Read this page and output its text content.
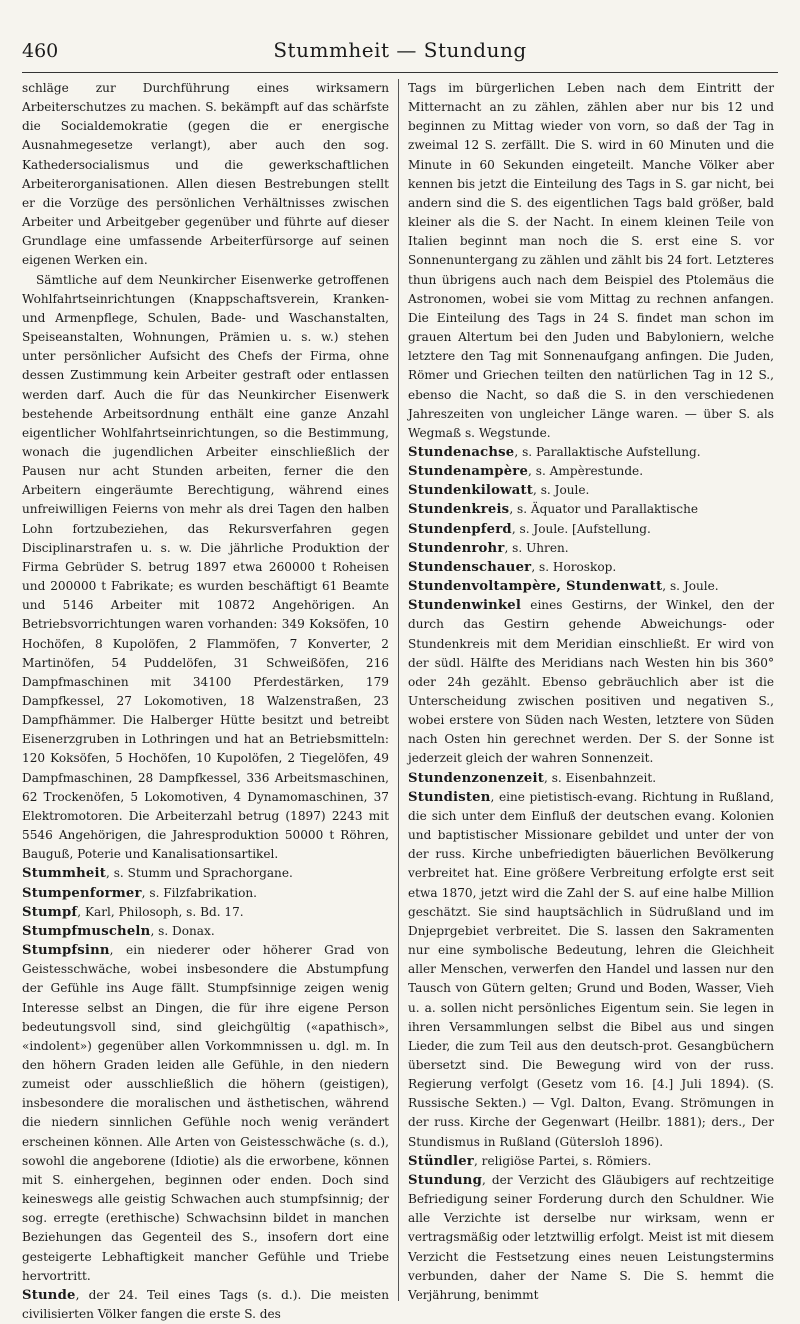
460	Stummheit — Stundung

schläge zur Durchführung eines wirksamern Arbeiterschutzes zu machen. S. bekämpft auf das schärfste die Socialdemokratie (gegen die er energische Ausnahmegesetze verlangt), aber auch den sog. Kathedersocialismus und die gewerkschaftlichen Arbeiterorganisationen. Allen diesen Bestrebungen stellt er die Vorzüge des persönlichen Verhältnisses zwischen Arbeiter und Arbeitgeber gegenüber und führte auf dieser Grundlage eine umfassende Arbeiterfürsorge auf seinen eigenen Werken ein.

Sämtliche auf dem Neunkircher Eisenwerke getroffenen Wohlfahrtseinrichtungen (Knappschaftsverein, Kranken- und Armenpflege, Schulen, Bade- und Waschanstalten, Speiseanstalten, Wohnungen, Prämien u. s. w.) stehen unter persönlicher Aufsicht des Chefs der Firma, ohne dessen Zustimmung kein Arbeiter gestraft oder entlassen werden darf. Auch die für das Neunkircher Eisenwerk bestehende Arbeitsordnung enthält eine ganze Anzahl eigentlicher Wohlfahrtseinrichtungen, so die Bestimmung, wonach die jugendlichen Arbeiter einschließlich der Pausen nur acht Stunden arbeiten, ferner die den Arbeitern eingeräumte Berechtigung, während eines unfreiwilligen Feierns von mehr als drei Tagen den halben Lohn fortzubeziehen, das Rekursverfahren gegen Disciplinarstrafen u. s. w. Die jährliche Produktion der Firma Gebrüder S. betrug 1897 etwa 260000 t Roheisen und 200000 t Fabrikate; es wurden beschäftigt 61 Beamte und 5146 Arbeiter mit 10872 Angehörigen. An Betriebsvorrichtungen waren vorhanden: 349 Koksöfen, 10 Hochöfen, 8 Kupolöfen, 2 Flammöfen, 7 Konverter, 2 Martinöfen, 54 Puddelöfen, 31 Schweißöfen, 216 Dampfmaschinen mit 34100 Pferdestärken, 179 Dampfkessel, 27 Lokomotiven, 18 Walzenstraßen, 23 Dampfhämmer. Die Halberger Hütte besitzt und betreibt Eisenerzgruben in Lothringen und hat an Betriebsmitteln: 120 Koksöfen, 5 Hochöfen, 10 Kupolöfen, 2 Tiegelöfen, 49 Dampfmaschinen, 28 Dampfkessel, 336 Arbeitsmaschinen, 62 Trockenöfen, 5 Lokomotiven, 4 Dynamomaschinen, 37 Elektromotoren. Die Arbeiterzahl betrug (1897) 2243 mit 5546 Angehörigen, die Jahresproduktion 50000 t Röhren, Bauguß, Poterie und Kanalisationsartikel.

Stummheit, s. Stumm und Sprachorgane.

Stumpenformer, s. Filzfabrikation.

Stumpf, Karl, Philosoph, s. Bd. 17.

Stumpfmuscheln, s. Donax.

Stumpfsinn, ein niederer oder höherer Grad von Geistesschwäche, wobei insbesondere die Abstumpfung der Gefühle ins Auge fällt. Stumpfsinnige zeigen wenig Interesse selbst an Dingen, die für ihre eigene Person bedeutungsvoll sind, sind gleichgültig («apathisch», «indolent») gegenüber allen Vorkommnissen u. dgl. m. In den höhern Graden leiden alle Gefühle, in den niedern zumeist oder ausschließlich die höhern (geistigen), insbesondere die moralischen und ästhetischen, während die niedern sinnlichen Gefühle noch wenig verändert erscheinen können. Alle Arten von Geistesschwäche (s. d.), sowohl die angeborene (Idiotie) als die erworbene, können mit S. einhergehen, beginnen oder enden. Doch sind keineswegs alle geistig Schwachen auch stumpfsinnig; der sog. erregte (erethische) Schwachsinn bildet in manchen Beziehungen das Gegenteil des S., insofern dort eine gesteigerte Lebhaftigkeit mancher Gefühle und Triebe hervortritt.

Stunde, der 24. Teil eines Tags (s. d.). Die meisten civilisierten Völker fangen die erste S. des

Tags im bürgerlichen Leben nach dem Eintritt der Mitternacht an zu zählen, zählen aber nur bis 12 und beginnen zu Mittag wieder von vorn, so daß der Tag in zweimal 12 S. zerfällt. Die S. wird in 60 Minuten und die Minute in 60 Sekunden eingeteilt. Manche Völker aber kennen bis jetzt die Einteilung des Tags in S. gar nicht, bei andern sind die S. des eigentlichen Tags bald größer, bald kleiner als die S. der Nacht. In einem kleinen Teile von Italien beginnt man noch die S. erst eine S. vor Sonnenuntergang zu zählen und zählt bis 24 fort. Letzteres thun übrigens auch nach dem Beispiel des Ptolemäus die Astronomen, wobei sie vom Mittag zu rechnen anfangen. Die Einteilung des Tags in 24 S. findet man schon im grauen Altertum bei den Juden und Babyloniern, welche letztere den Tag mit Sonnenaufgang anfingen. Die Juden, Römer und Griechen teilten den natürlichen Tag in 12 S., ebenso die Nacht, so daß die S. in den verschiedenen Jahreszeiten von ungleicher Länge waren. — über S. als Wegmaß s. Wegstunde.

Stundenachse, s. Parallaktische Aufstellung.

Stundenampère, s. Ampèrestunde.

Stundenkilowatt, s. Joule.

Stundenkreis, s. Äquator und Parallaktische

Stundenpferd, s. Joule. [Aufstellung.

Stundenrohr, s. Uhren.

Stundenschauer, s. Horoskop.

Stundenvoltampère, Stundenwatt, s. Joule.

Stundenwinkel eines Gestirns, der Winkel, den der durch das Gestirn gehende Abweichungs- oder Stundenkreis mit dem Meridian einschließt. Er wird von der südl. Hälfte des Meridians nach Westen hin bis 360° oder 24h gezählt. Ebenso gebräuchlich aber ist die Unterscheidung zwischen positiven und negativen S., wobei erstere von Süden nach Westen, letztere von Süden nach Osten hin gerechnet werden. Der S. der Sonne ist jederzeit gleich der wahren Sonnenzeit.

Stundenzonenzeit, s. Eisenbahnzeit.

Stundisten, eine pietistisch-evang. Richtung in Rußland, die sich unter dem Einfluß der deutschen evang. Kolonien und baptistischer Missionare gebildet und unter der von der russ. Kirche unbefriedigten bäuerlichen Bevölkerung verbreitet hat. Eine größere Verbreitung erfolgte erst seit etwa 1870, jetzt wird die Zahl der S. auf eine halbe Million geschätzt. Sie sind hauptsächlich in Südrußland und im Dnjeprgebiet verbreitet. Die S. lassen den Sakramenten nur eine symbolische Bedeutung, lehren die Gleichheit aller Menschen, verwerfen den Handel und lassen nur den Tausch von Gütern gelten; Grund und Boden, Wasser, Vieh u. a. sollen nicht persönliches Eigentum sein. Sie legen in ihren Versammlungen selbst die Bibel aus und singen Lieder, die zum Teil aus den deutsch-prot. Gesangbüchern übersetzt sind. Die Bewegung wird von der russ. Regierung verfolgt (Gesetz vom 16. [4.] Juli 1894). (S. Russische Sekten.) — Vgl. Dalton, Evang. Strömungen in der russ. Kirche der Gegenwart (Heilbr. 1881); ders., Der Stundismus in Rußland (Gütersloh 1896).

Stündler, religiöse Partei, s. Römiers.

Stundung, der Verzicht des Gläubigers auf rechtzeitige Befriedigung seiner Forderung durch den Schuldner. Wie alle Verzichte ist derselbe nur wirksam, wenn er vertragsmäßig oder letztwillig erfolgt. Meist ist mit diesem Verzicht die Festsetzung eines neuen Leistungstermins verbunden, daher der Name S. Die S. hemmt die Verjährung, benimmt
